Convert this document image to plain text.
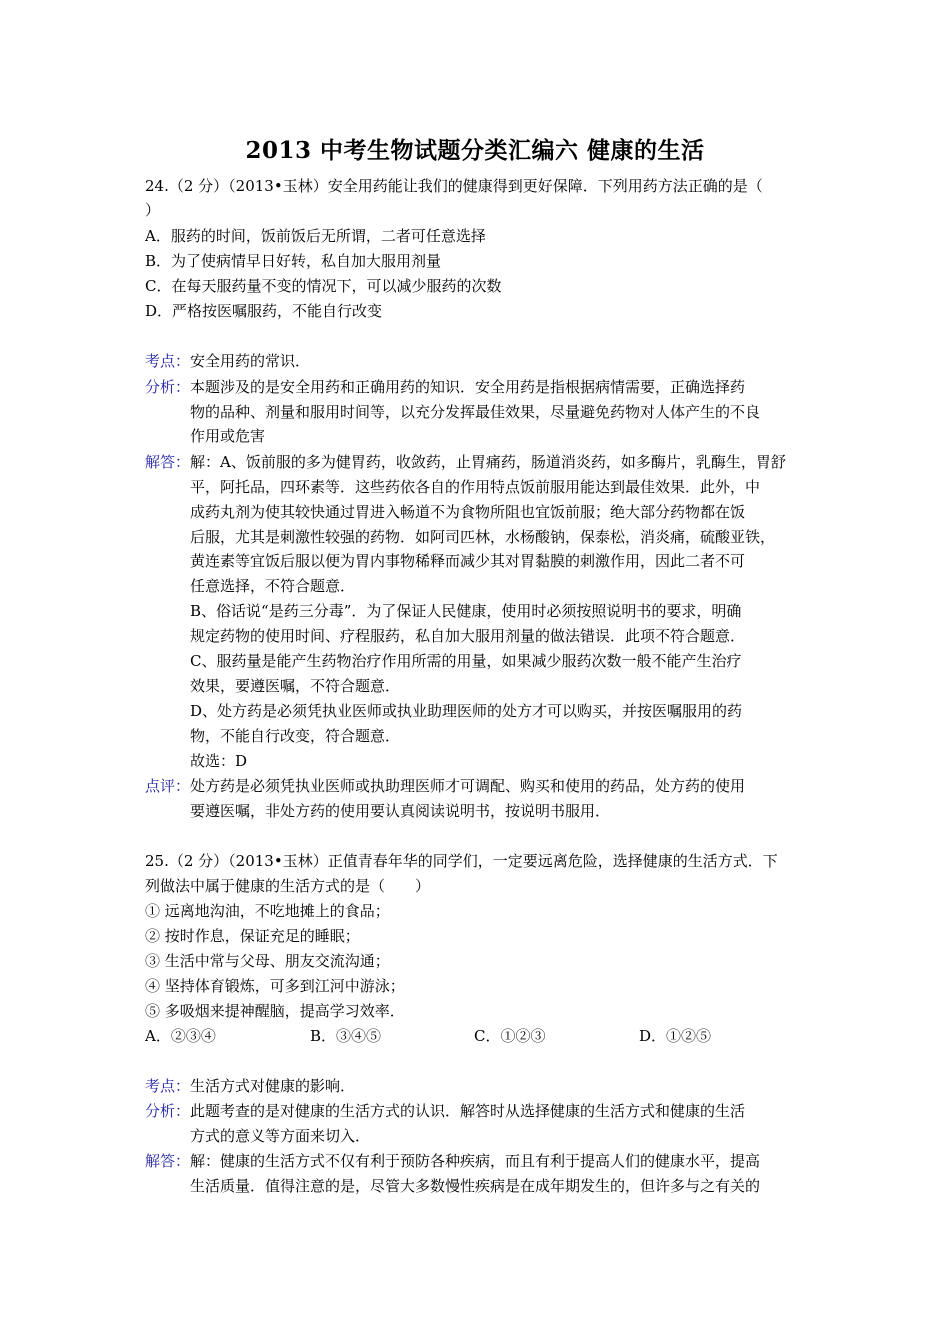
2013 中考生物试题分类汇编六 健康的生活
24.（2 分）（2013•玉林）安全用药能让我们的健康得到更好保障．下列用药方法正确的是（
）
A．服药的时间，饭前饭后无所谓，二者可任意选择
B．为了使病情早日好转，私自加大服用剂量
C．在每天服药量不变的情况下，可以减少服药的次数
D．严格按医嘱服药，不能自行改变
考点： 安全用药的常识．
分析： 本题涉及的是安全用药和正确用药的知识．安全用药是指根据病情需要，正确选择药
物的品种、剂量和服用时间等，以充分发挥最佳效果，尽量避免药物对人体产生的不良
作用或危害
解答： 解：A、饭前服的多为健胃药，收敛药，止胃痛药，肠道消炎药，如多酶片，乳酶生，胃舒
平，阿托品，四环素等．这些药依各自的作用特点饭前服用能达到最佳效果．此外，中
成药丸剂为使其较快通过胃进入畅道不为食物所阻也宜饭前服；绝大部分药物都在饭
后服，尤其是刺激性较强的药物．如阿司匹林，水杨酸钠，保泰松，消炎痛，硫酸亚铁，
黄连素等宜饭后服以便为胃内事物稀释而减少其对胃黏膜的刺激作用，因此二者不可
任意选择，不符合题意．
B、俗话说“是药三分毒”．为了保证人民健康，使用时必须按照说明书的要求，明确
规定药物的使用时间、疗程服药，私自加大服用剂量的做法错误．此项不符合题意．
C、服药量是能产生药物治疗作用所需的用量，如果减少服药次数一般不能产生治疗
效果，要遵医嘱，不符合题意．
D、处方药是必须凭执业医师或执业助理医师的处方才可以购买，并按医嘱服用的药
物，不能自行改变，符合题意．
故选：D
点评： 处方药是必须凭执业医师或执助理医师才可调配、购买和使用的药品，处方药的使用
要遵医嘱，非处方药的使用要认真阅读说明书，按说明书服用．
25.（2 分）（2013•玉林）正值青春年华的同学们，一定要远离危险，选择健康的生活方式．下
列做法中属于健康的生活方式的是（　　）
① 远离地沟油，不吃地摊上的食品；
② 按时作息，保证充足的睡眠；
③ 生活中常与父母、朋友交流沟通；
④ 坚持体育锻炼，可多到江河中游泳；
⑤ 多吸烟来提神醒脑，提高学习效率．
A．②③④	B．③④⑤	C．①②③	D．①②⑤
考点： 生活方式对健康的影响．
分析： 此题考查的是对健康的生活方式的认识．解答时从选择健康的生活方式和健康的生活
方式的意义等方面来切入．
解答： 解：健康的生活方式不仅有利于预防各种疾病，而且有利于提高人们的健康水平，提高
生活质量．值得注意的是，尽管大多数慢性疾病是在成年期发生的，但许多与之有关的
